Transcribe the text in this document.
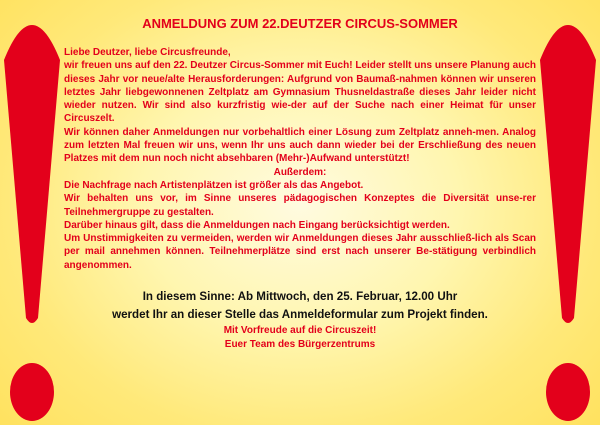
ANMELDUNG ZUM 22.DEUTZER CIRCUS-SOMMER

Liebe Deutzer, liebe Circusfreunde,

wir freuen uns auf den 22. Deutzer Circus-Sommer mit Euch! Leider stellt uns unsere Planung auch dieses Jahr vor neue/alte Herausforderungen: Aufgrund von Baumaß-nahmen können wir unseren letztes Jahr liebgewonnenen Zeltplatz am Gymnasium Thusneldastraße dieses Jahr leider nicht wieder nutzen. Wir sind also kurzfristig wie-der auf der Suche nach einer Heimat für unser Circuszelt.

Wir können daher Anmeldungen nur vorbehaltlich einer Lösung zum Zeltplatz anneh-men. Analog zum letzten Mal freuen wir uns, wenn Ihr uns auch dann wieder bei der Erschließung des neuen Platzes mit dem nun noch nicht absehbaren (Mehr-)Aufwand unterstützt!

Außerdem:

Die Nachfrage nach Artistenplätzen ist größer als das Angebot.

Wir behalten uns vor, im Sinne unseres pädagogischen Konzeptes die Diversität unse-rer Teilnehmergruppe zu gestalten.

Darüber hinaus gilt, dass die Anmeldungen nach Eingang berücksichtigt werden.

Um Unstimmigkeiten zu vermeiden, werden wir Anmeldungen dieses Jahr ausschließ-lich als Scan per mail annehmen können. Teilnehmerplätze sind erst nach unserer Be-stätigung verbindlich angenommen.

In diesem Sinne: Ab Mittwoch, den 25. Februar, 12.00 Uhr
werdet Ihr an dieser Stelle das Anmeldeformular zum Projekt finden.
Mit Vorfreude auf die Circuszeit!
Euer Team des Bürgerzentrums
